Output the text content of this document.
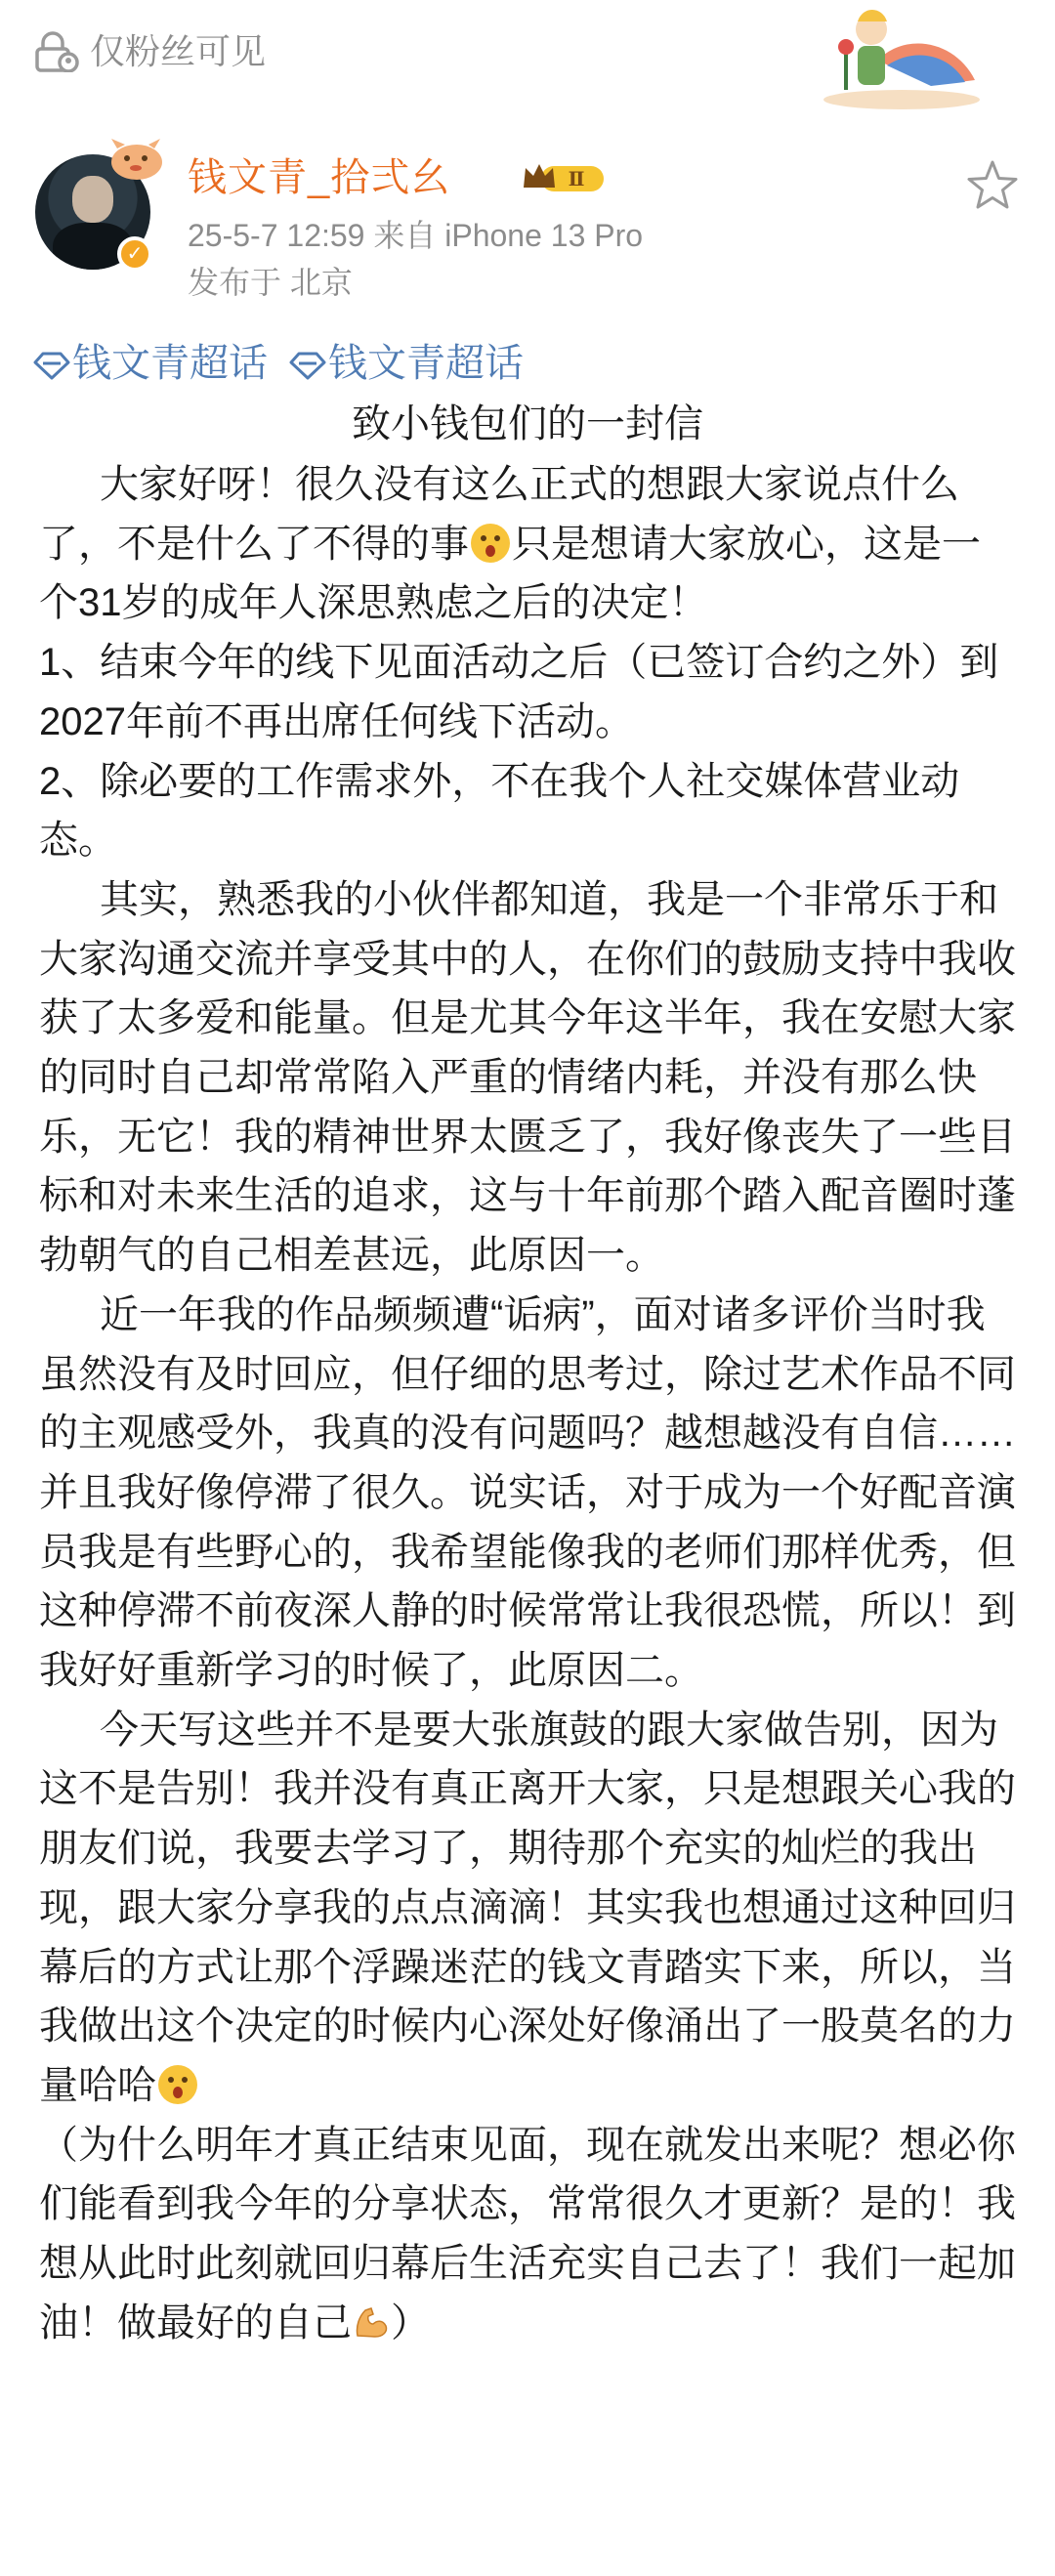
仅粉丝可见
✓
钱文青_拾弍幺	Ⅱ
25-5-7 12:59 来自 iPhone 13 Pro
发布于 北京
钱文青超话 钱文青超话
致小钱包们的一封信

大家好呀！很久没有这么正式的想跟大家说点什么了，不是什么了不得的事 只是想请大家放心，这是一个31岁的成年人深思熟虑之后的决定！

1、结束今年的线下见面活动之后（已签订合约之外）到2027年前不再出席任何线下活动。

2、除必要的工作需求外，不在我个人社交媒体营业动态。

其实，熟悉我的小伙伴都知道，我是一个非常乐于和大家沟通交流并享受其中的人，在你们的鼓励支持中我收获了太多爱和能量。但是尤其今年这半年，我在安慰大家的同时自己却常常陷入严重的情绪内耗，并没有那么快乐，无它！我的精神世界太匮乏了，我好像丧失了一些目标和对未来生活的追求，这与十年前那个踏入配音圈时蓬勃朝气的自己相差甚远，此原因一。

近一年我的作品频频遭“诟病”，面对诸多评价当时我虽然没有及时回应，但仔细的思考过，除过艺术作品不同的主观感受外，我真的没有问题吗？越想越没有自信……并且我好像停滞了很久。说实话，对于成为一个好配音演员我是有些野心的，我希望能像我的老师们那样优秀，但这种停滞不前夜深人静的时候常常让我很恐慌，所以！到我好好重新学习的时候了，此原因二。

今天写这些并不是要大张旗鼓的跟大家做告别，因为这不是告别！我并没有真正离开大家，只是想跟关心我的朋友们说，我要去学习了，期待那个充实的灿烂的我出现，跟大家分享我的点点滴滴！其实我也想通过这种回归幕后的方式让那个浮躁迷茫的钱文青踏实下来，所以，当我做出这个决定的时候内心深处好像涌出了一股莫名的力量哈哈

（为什么明年才真正结束见面，现在就发出来呢？想必你们能看到我今年的分享状态，常常很久才更新？是的！我想从此时此刻就回归幕后生活充实自己去了！我们一起加油！做最好的自己 ）
